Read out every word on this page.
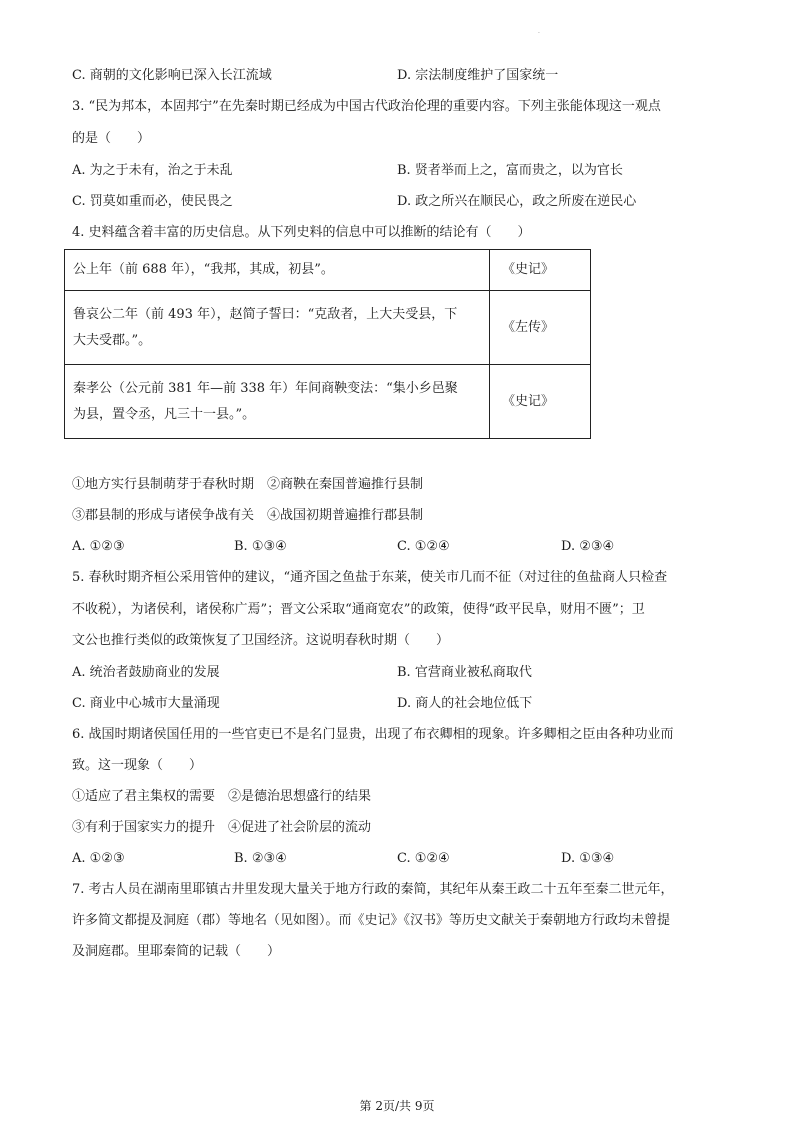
·
C. 商朝的文化影响已深入长江流域	D. 宗法制度维护了国家统一
3. “民为邦本，本固邦宁”在先秦时期已经成为中国古代政治伦理的重要内容。下列主张能体现这一观点
的是（　　）
A. 为之于未有，治之于未乱	B. 贤者举而上之，富而贵之，以为官长
C. 罚莫如重而必，使民畏之	D. 政之所兴在顺民心，政之所废在逆民心
4. 史料蕴含着丰富的历史信息。从下列史料的信息中可以推断的结论有（　　）
公上年（前 688 年），“我邦，其成，初县”。	《史记》

鲁哀公二年（前 493 年），赵简子誓曰：“克敌者，上大夫受县，下
大夫受郡。”。	《左传》

秦孝公（公元前 381 年—前 338 年）年间商鞅变法：“集小乡邑聚
为县，置令丞，凡三十一县。”。	《史记》
①地方实行县制萌芽于春秋时期　②商鞅在秦国普遍推行县制
③郡县制的形成与诸侯争战有关　④战国初期普遍推行郡县制
A. ①②③	B. ①③④	C. ①②④	D. ②③④
5. 春秋时期齐桓公采用管仲的建议，“通齐国之鱼盐于东莱，使关市几而不征（对过往的鱼盐商人只检查
不收税），为诸侯利，诸侯称广焉”；晋文公采取“通商宽农”的政策，使得“政平民阜，财用不匮”；卫
文公也推行类似的政策恢复了卫国经济。这说明春秋时期（　　）
A. 统治者鼓励商业的发展	B. 官营商业被私商取代
C. 商业中心城市大量涌现	D. 商人的社会地位低下
6. 战国时期诸侯国任用的一些官吏已不是名门显贵，出现了布衣卿相的现象。许多卿相之臣由各种功业而
致。这一现象（　　）
①适应了君主集权的需要　②是德治思想盛行的结果
③有利于国家实力的提升　④促进了社会阶层的流动
A. ①②③	B. ②③④	C. ①②④	D. ①③④
7. 考古人员在湖南里耶镇古井里发现大量关于地方行政的秦简，其纪年从秦王政二十五年至秦二世元年，
许多简文都提及洞庭（郡）等地名（见如图）。而《史记》《汉书》等历史文献关于秦朝地方行政均未曾提
及洞庭郡。里耶秦简的记载（　　）
第 2页/共 9页
